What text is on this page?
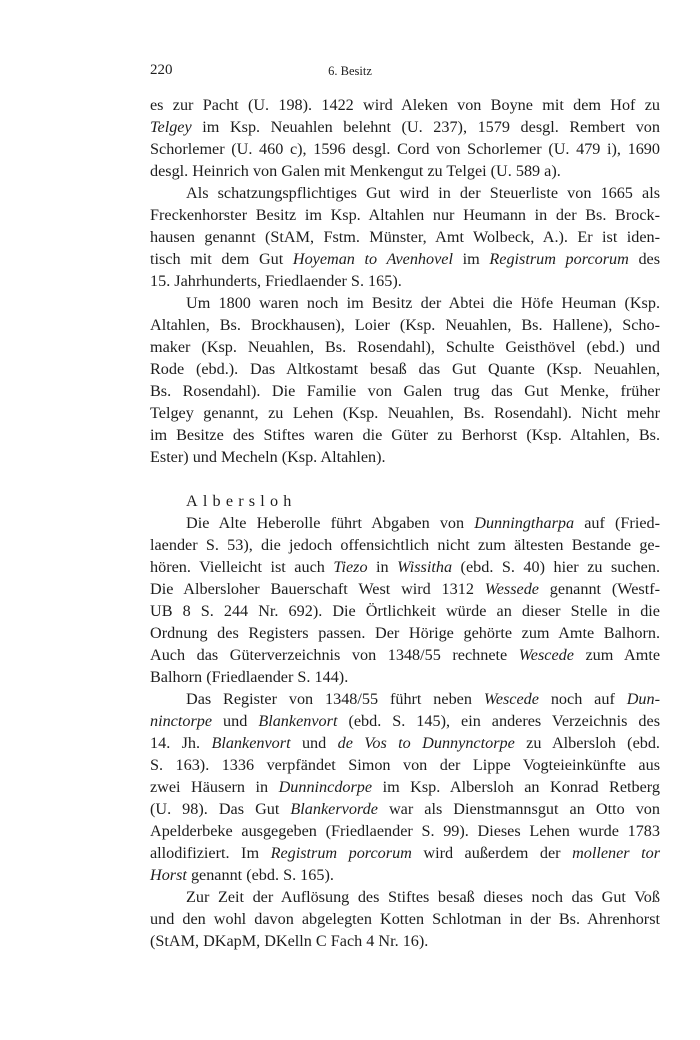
220	6. Besitz
es zur Pacht (U. 198). 1422 wird Aleken von Boyne mit dem Hof zu
Telgey im Ksp. Neuahlen belehnt (U. 237), 1579 desgl. Rembert von
Schorlemer (U. 460 c), 1596 desgl. Cord von Schorlemer (U. 479 i), 1690
desgl. Heinrich von Galen mit Menkengut zu Telgei (U. 589 a).
Als schatzungspflichtiges Gut wird in der Steuerliste von 1665 als
Freckenhorster Besitz im Ksp. Altahlen nur Heumann in der Bs. Brock-
hausen genannt (StAM, Fstm. Münster, Amt Wolbeck, A.). Er ist iden-
tisch mit dem Gut Hoyeman to Avenhovel im Registrum porcorum des
15. Jahrhunderts, Friedlaender S. 165).
Um 1800 waren noch im Besitz der Abtei die Höfe Heuman (Ksp.
Altahlen, Bs. Brockhausen), Loier (Ksp. Neuahlen, Bs. Hallene), Scho-
maker (Ksp. Neuahlen, Bs. Rosendahl), Schulte Geisthövel (ebd.) und
Rode (ebd.). Das Altkostamt besaß das Gut Quante (Ksp. Neuahlen,
Bs. Rosendahl). Die Familie von Galen trug das Gut Menke, früher
Telgey genannt, zu Lehen (Ksp. Neuahlen, Bs. Rosendahl). Nicht mehr
im Besitze des Stiftes waren die Güter zu Berhorst (Ksp. Altahlen, Bs.
Ester) und Mecheln (Ksp. Altahlen).
Albersloh
Die Alte Heberolle führt Abgaben von Dunningtharpa auf (Fried-
laender S. 53), die jedoch offensichtlich nicht zum ältesten Bestande ge-
hören. Vielleicht ist auch Tiezo in Wissitha (ebd. S. 40) hier zu suchen.
Die Albersloher Bauerschaft West wird 1312 Wessede genannt (Westf-
UB 8 S. 244 Nr. 692). Die Örtlichkeit würde an dieser Stelle in die
Ordnung des Registers passen. Der Hörige gehörte zum Amte Balhorn.
Auch das Güterverzeichnis von 1348/55 rechnete Wescede zum Amte
Balhorn (Friedlaender S. 144).
Das Register von 1348/55 führt neben Wescede noch auf Dun-
ninctorpe und Blankenvort (ebd. S. 145), ein anderes Verzeichnis des
14. Jh. Blankenvort und de Vos to Dunnynctorpe zu Albersloh (ebd.
S. 163). 1336 verpfändet Simon von der Lippe Vogteieinkünfte aus
zwei Häusern in Dunnincdorpe im Ksp. Albersloh an Konrad Retberg
(U. 98). Das Gut Blankervorde war als Dienstmannsgut an Otto von
Apelderbeke ausgegeben (Friedlaender S. 99). Dieses Lehen wurde 1783
allodifiziert. Im Registrum porcorum wird außerdem der mollener tor
Horst genannt (ebd. S. 165).
Zur Zeit der Auflösung des Stiftes besaß dieses noch das Gut Voß
und den wohl davon abgelegten Kotten Schlotman in der Bs. Ahrenhorst
(StAM, DKapM, DKelln C Fach 4 Nr. 16).
